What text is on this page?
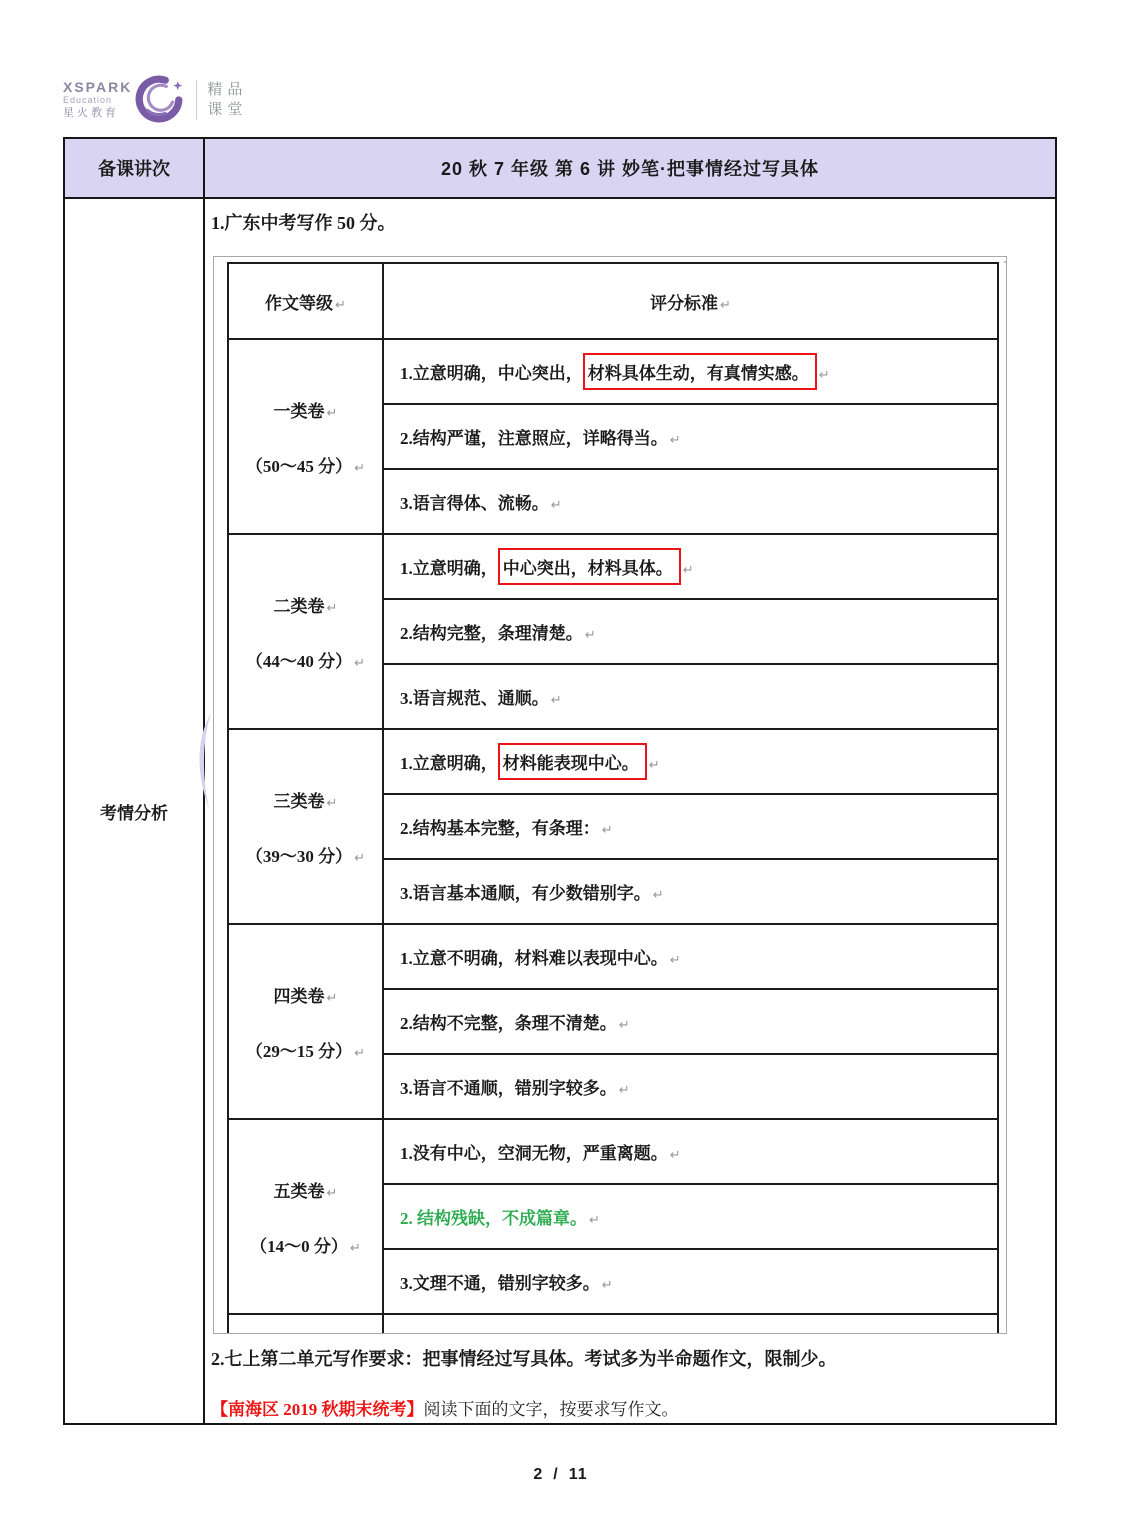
XSPARK
Education
星火教育
精品
课堂
备课讲次	20 秋 7 年级 第 6 讲 妙笔·把事情经过写具体
考情分析
1.广东中考写作 50 分。
作文等级 ↵	评分标准 ↵

一类卷 ↵
（50～45 分） ↵	1.立意明确，中心突出， 材料具体生动，有真情实感。 ↵
	2.结构严谨，注意照应，详略得当。 ↵
	3.语言得体、流畅。 ↵

二类卷 ↵
（44～40 分） ↵	1.立意明确， 中心突出，材料具体。 ↵
	2.结构完整，条理清楚。 ↵
	3.语言规范、通顺。 ↵

三类卷 ↵
（39～30 分） ↵	1.立意明确， 材料能表现中心。 ↵
	2.结构基本完整，有条理： ↵
	3.语言基本通顺，有少数错别字。 ↵

四类卷 ↵
（29～15 分） ↵	1.立意不明确，材料难以表现中心。 ↵
	2.结构不完整，条理不清楚。 ↵
	3.语言不通顺，错别字较多。 ↵

五类卷 ↵
（14～0 分） ↵	1.没有中心，空洞无物，严重离题。 ↵
	2. 结构残缺，不成篇章。 ↵
	3.文理不通，错别字较多。 ↵

2.七上第二单元写作要求：把事情经过写具体。考试多为半命题作文，限制少。
【南海区 2019 秋期末统考】阅读下面的文字，按要求写作文。
2 / 11
